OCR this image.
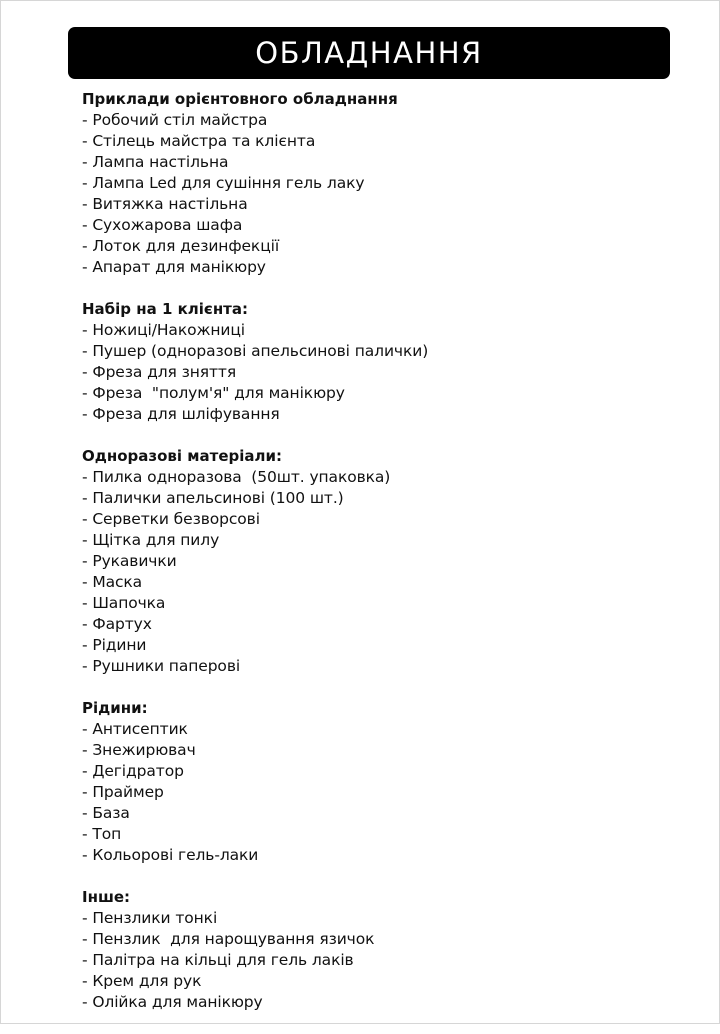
ОБЛАДНАННЯ
Приклади орієнтовного обладнання
- Робочий стіл майстра
- Стілець майстра та клієнта
- Лампа настільна
- Лампа Led для сушіння гель лаку
- Витяжка настільна
- Сухожарова шафа
- Лоток для дезинфекції
- Апарат для манікюру
Набір на 1 клієнта:
- Ножиці/Накожниці
- Пушер (одноразові апельсинові палички)
- Фреза для зняття
- Фреза  "полум'я" для манікюру
- Фреза для шліфування
Одноразові матеріали:
- Пилка одноразова  (50шт. упаковка)
- Палички апельсинові (100 шт.)
- Серветки безворсові
- Щітка для пилу
- Рукавички
- Маска
- Шапочка
- Фартух
- Рідини
- Рушники паперові
Рідини:
- Антисептик
- Знежирювач
- Дегідратор
- Праймер
- База
- Топ
- Кольорові гель-лаки
Інше:
- Пензлики тонкі
- Пензлик  для нарощування язичок
- Палітра на кільці для гель лаків
- Крем для рук
- Олійка для манікюру
